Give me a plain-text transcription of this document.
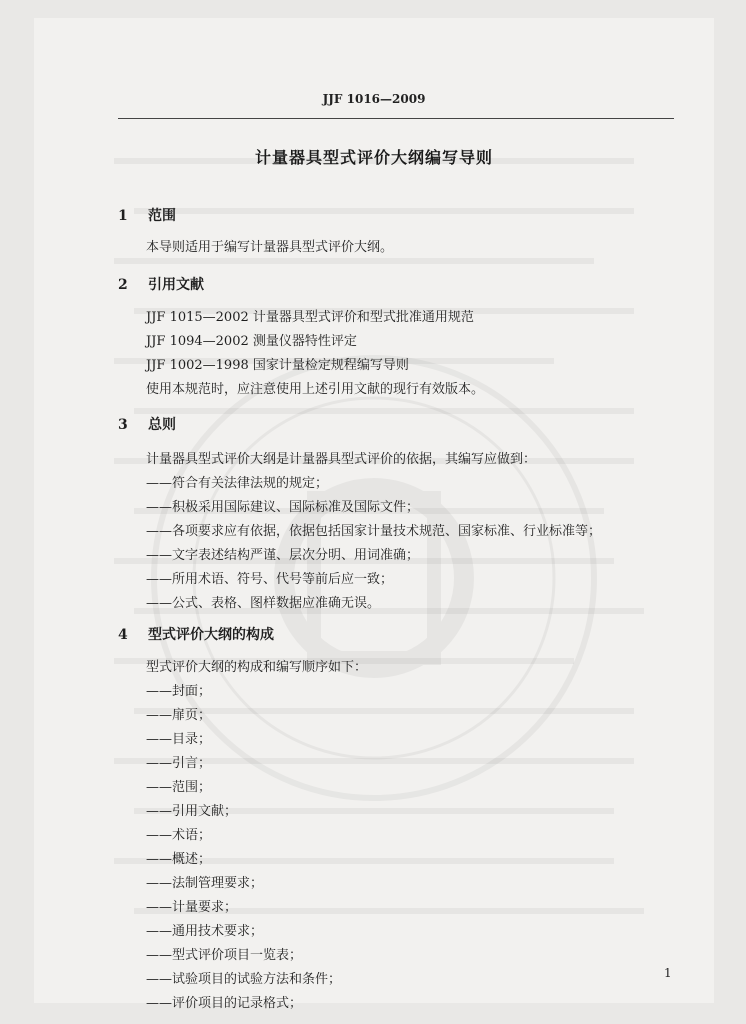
JJF 1016—2009
计量器具型式评价大纲编写导则
1 范围
本导则适用于编写计量器具型式评价大纲。
2 引用文献
JJF 1015—2002 计量器具型式评价和型式批准通用规范
JJF 1094—2002 测量仪器特性评定
JJF 1002—1998 国家计量检定规程编写导则
使用本规范时，应注意使用上述引用文献的现行有效版本。
3 总则
计量器具型式评价大纲是计量器具型式评价的依据，其编写应做到：
——符合有关法律法规的规定；
——积极采用国际建议、国际标准及国际文件；
——各项要求应有依据，依据包括国家计量技术规范、国家标准、行业标准等；
——文字表述结构严谨、层次分明、用词准确；
——所用术语、符号、代号等前后应一致；
——公式、表格、图样数据应准确无误。
4 型式评价大纲的构成
型式评价大纲的构成和编写顺序如下：
——封面；
——扉页；
——目录；
——引言；
——范围；
——引用文献；
——术语；
——概述；
——法制管理要求；
——计量要求；
——通用技术要求；
——型式评价项目一览表；
——试验项目的试验方法和条件；
——评价项目的记录格式；
1
